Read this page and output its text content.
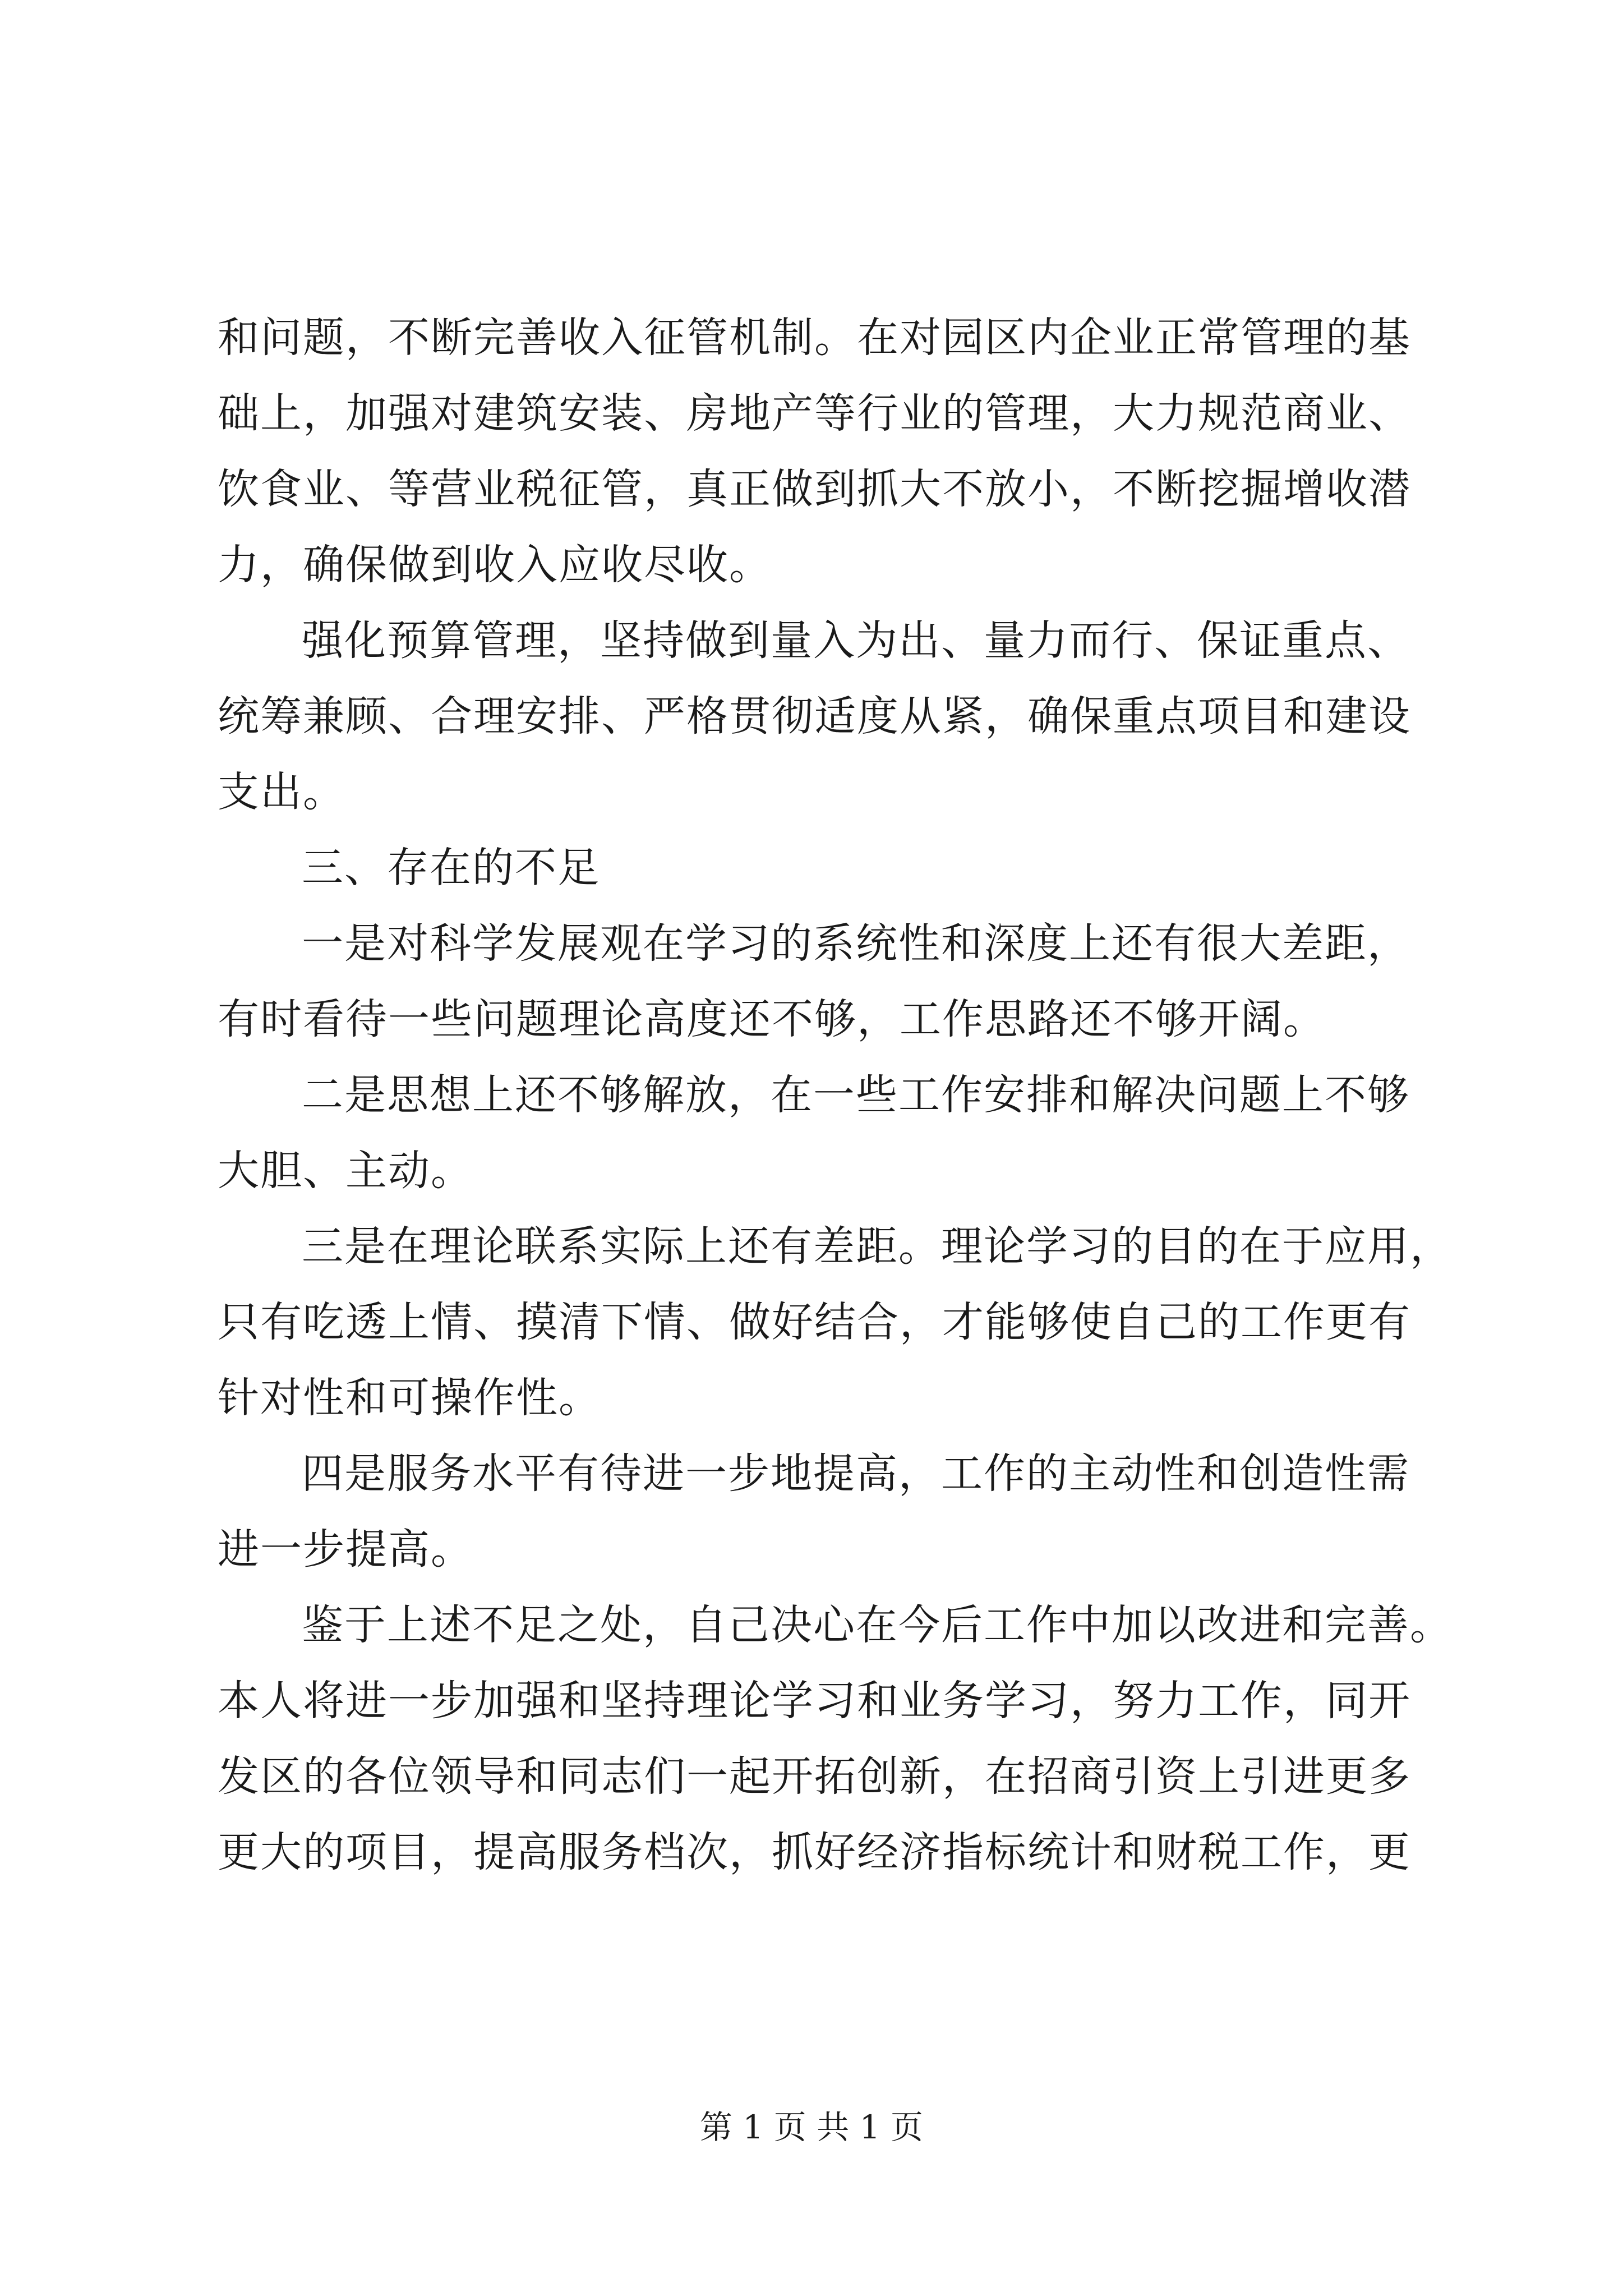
和问题，不断完善收入征管机制。在对园区内企业正常管理的基
础上，加强对建筑安装、房地产等行业的管理，大力规范商业、
饮食业、等营业税征管，真正做到抓大不放小，不断挖掘增收潜
力，确保做到收入应收尽收。
强化预算管理，坚持做到量入为出、量力而行、保证重点、
统筹兼顾、合理安排、严格贯彻适度从紧，确保重点项目和建设
支出。
三、存在的不足
一是对科学发展观在学习的系统性和深度上还有很大差距，
有时看待一些问题理论高度还不够，工作思路还不够开阔。
二是思想上还不够解放，在一些工作安排和解决问题上不够
大胆、主动。
三是在理论联系实际上还有差距。理论学习的目的在于应用，
只有吃透上情、摸清下情、做好结合，才能够使自己的工作更有
针对性和可操作性。
四是服务水平有待进一步地提高，工作的主动性和创造性需
进一步提高。
鉴于上述不足之处，自己决心在今后工作中加以改进和完善。
本人将进一步加强和坚持理论学习和业务学习，努力工作，同开
发区的各位领导和同志们一起开拓创新，在招商引资上引进更多
更大的项目，提高服务档次，抓好经济指标统计和财税工作，更
第 1 页 共 1 页
